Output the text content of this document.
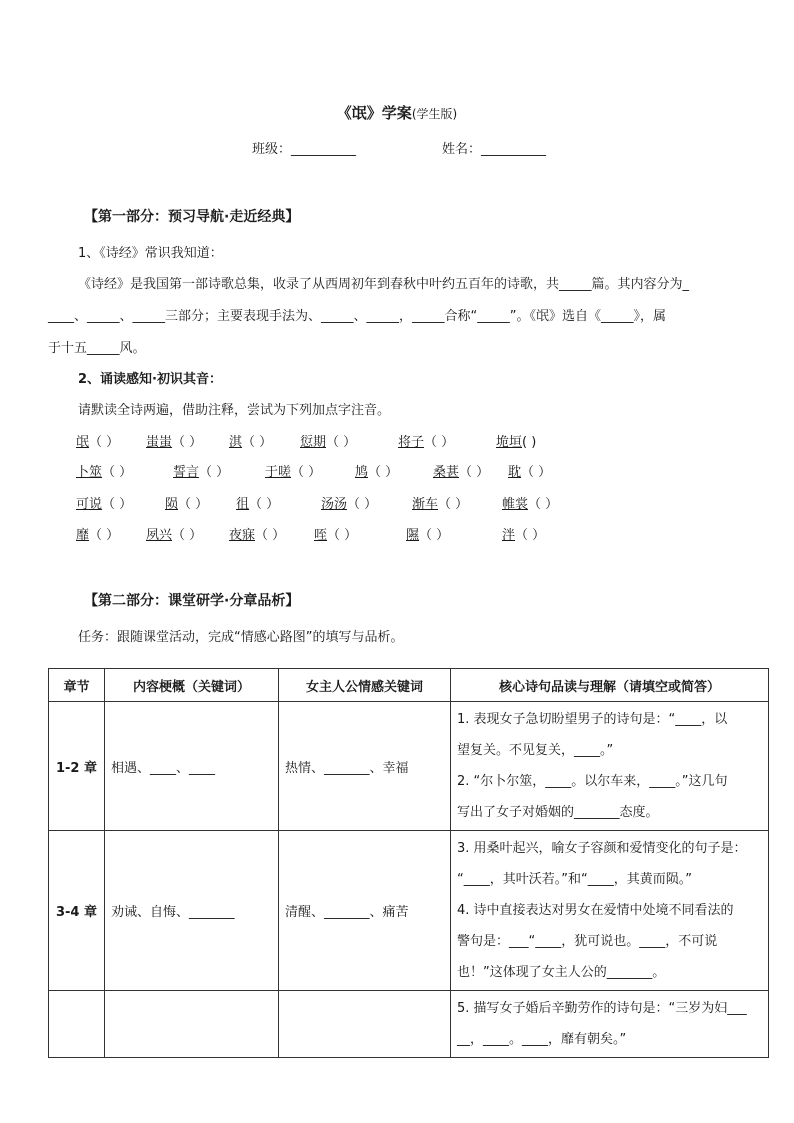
《氓》学案(学生版)
班级：__________	姓名：__________
【第一部分：预习导航·走近经典】
1、《诗经》常识我知道：
《诗经》是我国第一部诗歌总集，收录了从西周初年到春秋中叶约五百年的诗歌，共_____篇。其内容分为_
____、_____、_____三部分；主要表现手法为、_____、_____，_____合称“_____”。《氓》选自《_____》，属
于十五_____风。
2、诵读感知·初识其音：
请默读全诗两遍，借助注释，尝试为下列加点字注音。
氓（ ） 蚩蚩（ ） 淇（ ） 愆期（ ）	将子（ ）	垝垣( )
卜筮（ ）	誓言（ ）	于嗟（ ）	鸠（ ）	桑葚（ ） 耽（ ）
可说（ ）	陨（ ） 徂（ ）	汤汤（ ）	渐车（ ）	帷裳（ ）
靡（ ） 夙兴（ ） 夜寐（ ） 咥（ ）	隰（ ）	泮（ ）
【第二部分：课堂研学·分章品析】
任务：跟随课堂活动，完成“情感心路图”的填写与品析。
章节	内容梗概（关键词）	女主人公情感关键词	核心诗句品读与理解（请填空或简答）
1-2 章	相遇、____、____	热情、_______、幸福	1. 表现女子急切盼望男子的诗句是：“____，以
望复关。不见复关，____。”
2. “尔卜尔筮，____。以尔车来，____。”这几句
写出了女子对婚姻的_______态度。

3-4 章	劝诫、自悔、_______	清醒、_______、痛苦	3. 用桑叶起兴，喻女子容颜和爱情变化的句子是：
“____，其叶沃若。”和“____，其黄而陨。”
4. 诗中直接表达对男女在爱情中处境不同看法的
警句是：___“____，犹可说也。____，不可说
也！”这体现了女主人公的_______。

			5. 描写女子婚后辛勤劳作的诗句是：“三岁为妇___
__，____。____，靡有朝矣。”
